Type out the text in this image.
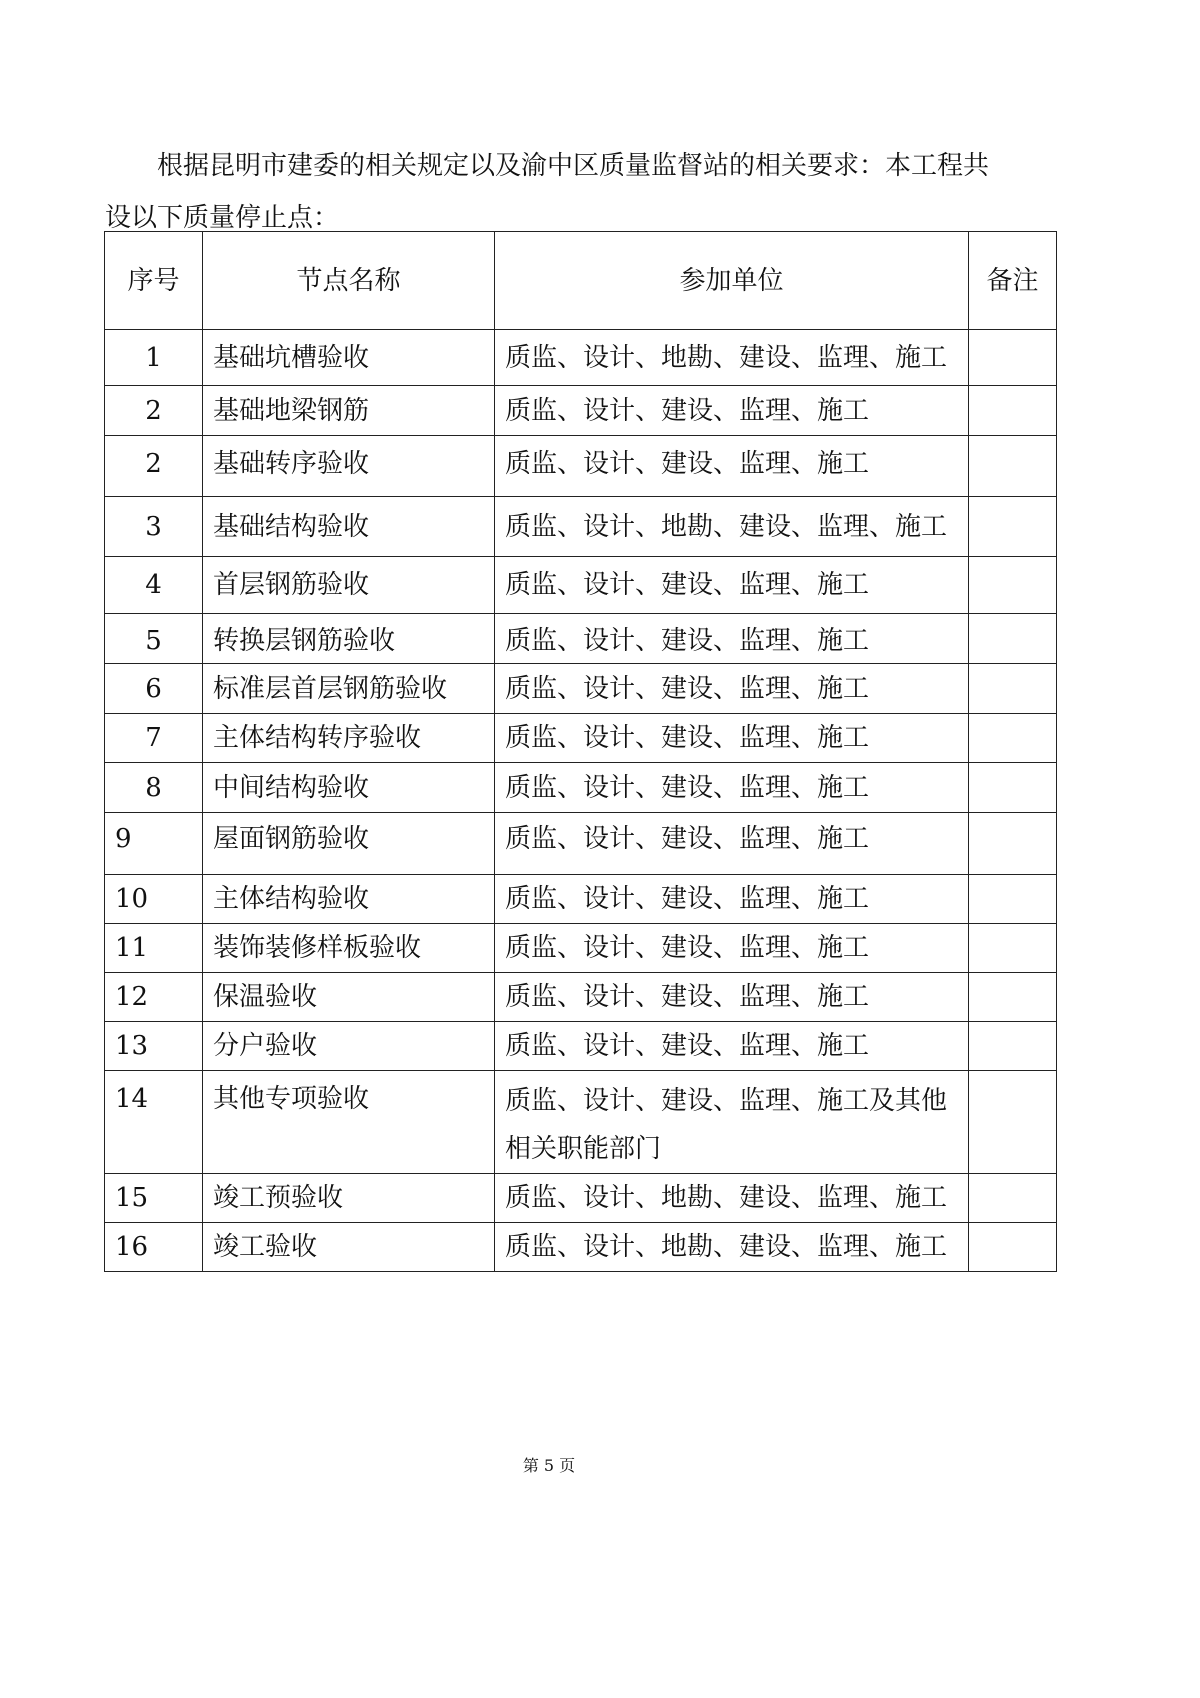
根据昆明市建委的相关规定以及渝中区质量监督站的相关要求：本工程共设以下质量停止点：

序号	节点名称	参加单位	备注
1	基础坑槽验收	质监、设计、地勘、建设、监理、施工	
2	基础地梁钢筋	质监、设计、建设、监理、施工	
2	基础转序验收	质监、设计、建设、监理、施工	
3	基础结构验收	质监、设计、地勘、建设、监理、施工	
4	首层钢筋验收	质监、设计、建设、监理、施工	
5	转换层钢筋验收	质监、设计、建设、监理、施工	
6	标准层首层钢筋验收	质监、设计、建设、监理、施工	
7	主体结构转序验收	质监、设计、建设、监理、施工	
8	中间结构验收	质监、设计、建设、监理、施工	
9	屋面钢筋验收	质监、设计、建设、监理、施工	
10	主体结构验收	质监、设计、建设、监理、施工	
11	装饰装修样板验收	质监、设计、建设、监理、施工	
12	保温验收	质监、设计、建设、监理、施工	
13	分户验收	质监、设计、建设、监理、施工	
14	其他专项验收	质监、设计、建设、监理、施工及其他相关职能部门	
15	竣工预验收	质监、设计、地勘、建设、监理、施工	
16	竣工验收	质监、设计、地勘、建设、监理、施工	
第 5 页
